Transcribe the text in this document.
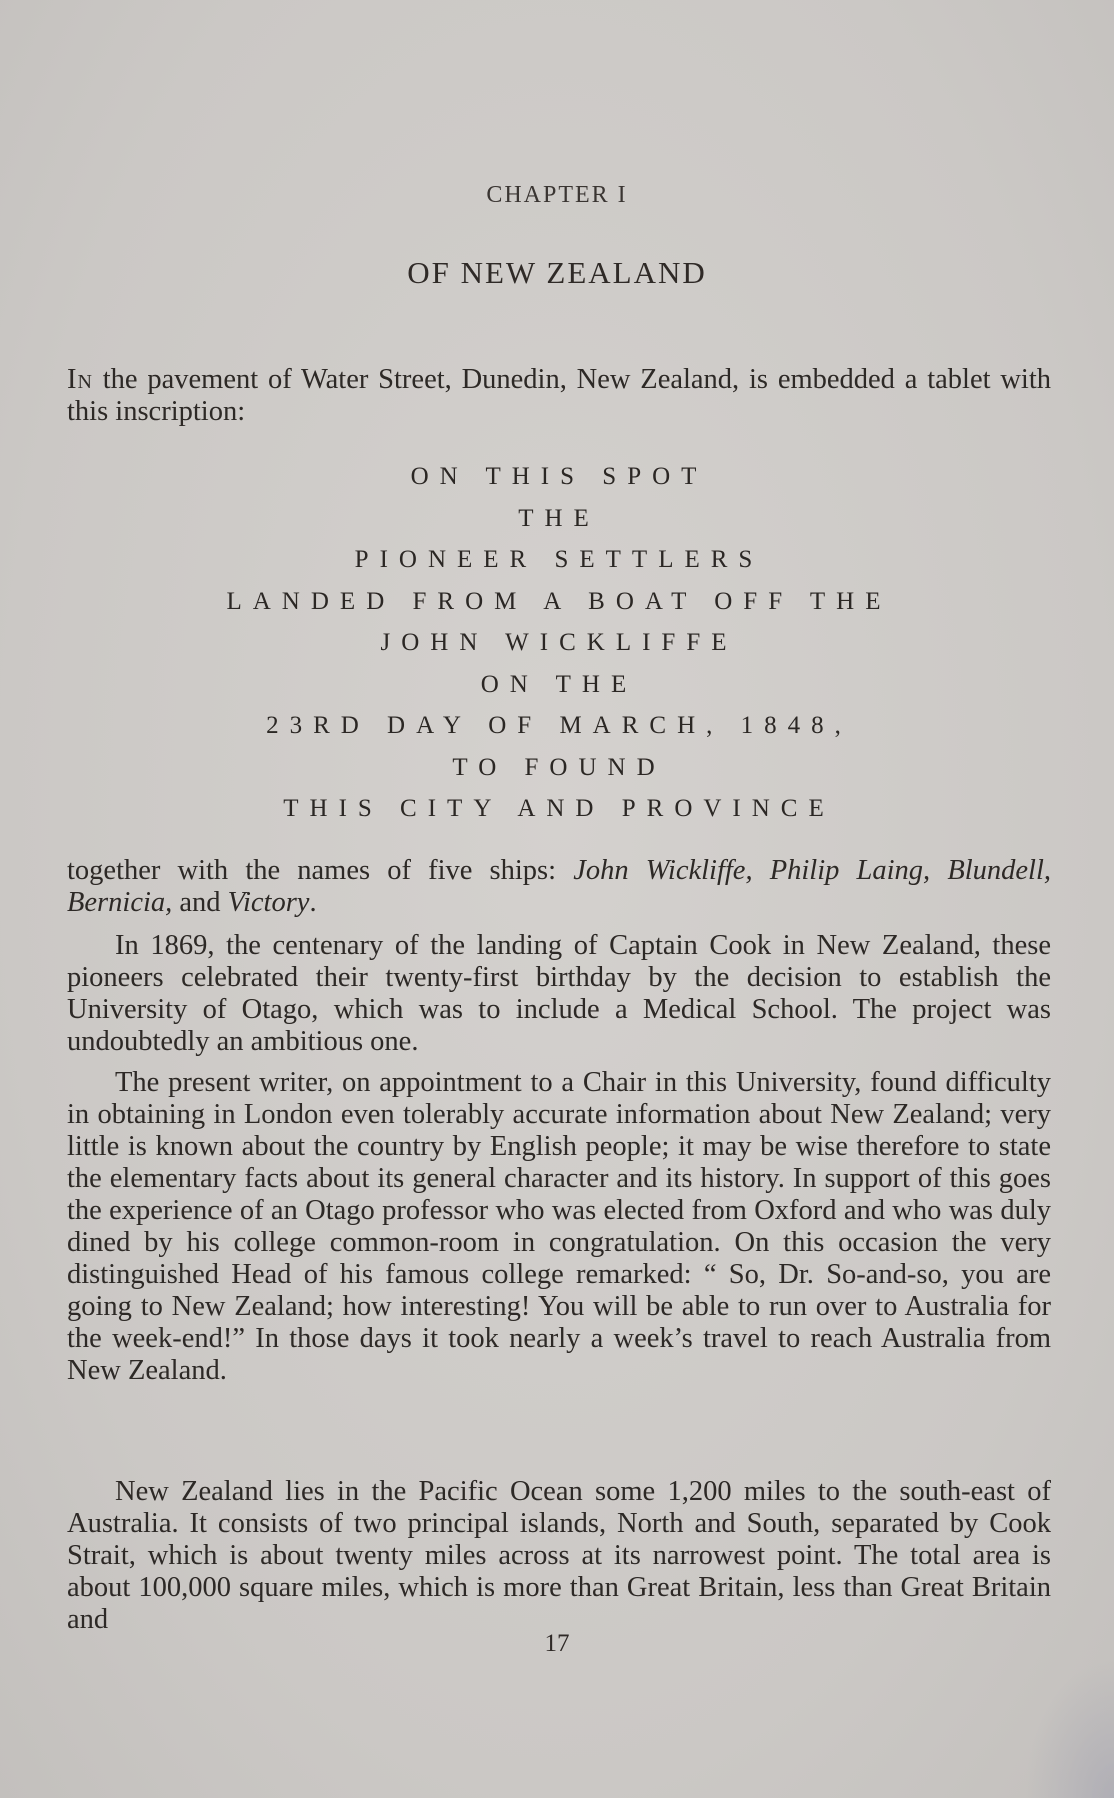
CHAPTER I
OF NEW ZEALAND
In the pavement of Water Street, Dunedin, New Zealand, is embedded a tablet with this inscription:
ON THIS SPOT
THE
PIONEER SETTLERS
LANDED FROM A BOAT OFF THE
JOHN WICKLIFFE
ON THE
23RD DAY OF MARCH, 1848,
TO FOUND
THIS CITY AND PROVINCE
together with the names of five ships: John Wickliffe, Philip Laing, Blundell, Bernicia, and Victory.

In 1869, the centenary of the landing of Captain Cook in New Zealand, these pioneers celebrated their twenty-first birthday by the decision to establish the University of Otago, which was to include a Medical School. The project was undoubtedly an ambitious one.

The present writer, on appointment to a Chair in this University, found difficulty in obtaining in London even tolerably accurate information about New Zealand; very little is known about the country by English people; it may be wise therefore to state the elementary facts about its general character and its history. In support of this goes the experience of an Otago professor who was elected from Oxford and who was duly dined by his college common-room in congratulation. On this occasion the very distinguished Head of his famous college remarked: “ So, Dr. So-and-so, you are going to New Zealand; how interesting! You will be able to run over to Australia for the week-end!” In those days it took nearly a week’s travel to reach Australia from New Zealand.

New Zealand lies in the Pacific Ocean some 1,200 miles to the south-east of Australia. It consists of two principal islands, North and South, separated by Cook Strait, which is about twenty miles across at its narrowest point. The total area is about 100,000 square miles, which is more than Great Britain, less than Great Britain and

17
